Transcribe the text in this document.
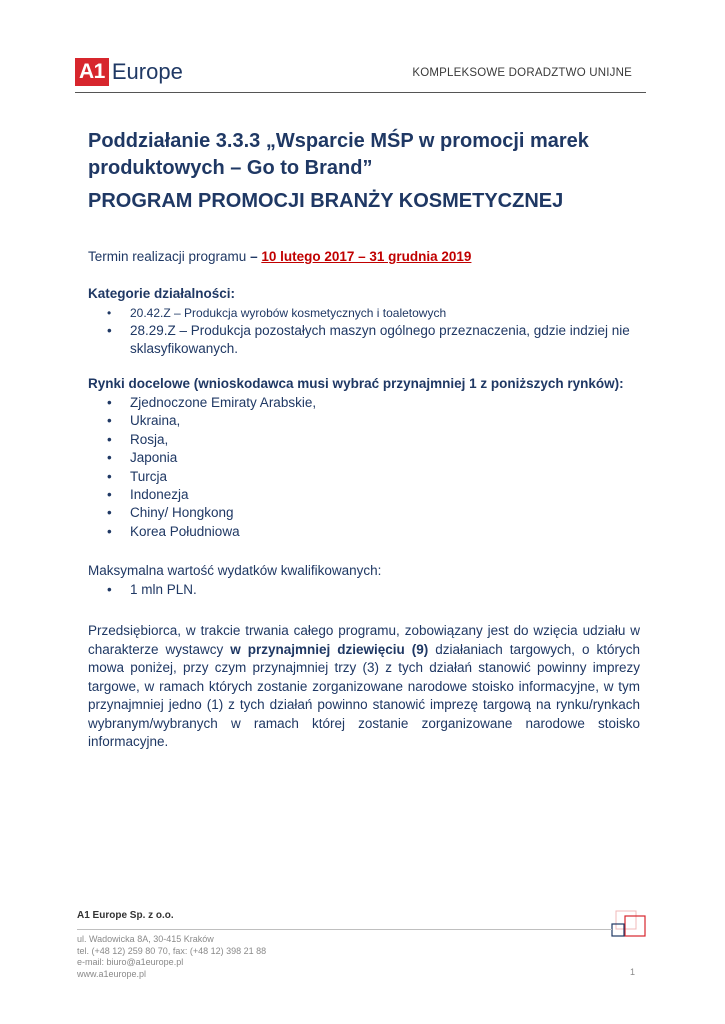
A1 Europe	KOMPLEKSOWE DORADZTWO UNIJNE
Poddziałanie 3.3.3 „Wsparcie MŚP w promocji marek produktowych – Go to Brand”
PROGRAM PROMOCJI BRANŻY KOSMETYCZNEJ
Termin realizacji programu – 10 lutego 2017 – 31 grudnia 2019
Kategorie działalności:
• 20.42.Z – Produkcja wyrobów kosmetycznych i toaletowych
• 28.29.Z – Produkcja pozostałych maszyn ogólnego przeznaczenia, gdzie indziej nie sklasyfikowanych.
Rynki docelowe (wnioskodawca musi wybrać przynajmniej 1 z poniższych rynków):
• Zjednoczone Emiraty Arabskie,
• Ukraina,
• Rosja,
• Japonia
• Turcja
• Indonezja
• Chiny/ Hongkong
• Korea Południowa
Maksymalna wartość wydatków kwalifikowanych:
• 1 mln PLN.
Przedsiębiorca, w trakcie trwania całego programu, zobowiązany jest do wzięcia udziału w charakterze wystawcy w przynajmniej dziewięciu (9) działaniach targowych, o których mowa poniżej, przy czym przynajmniej trzy (3) z tych działań stanowić powinny imprezy targowe, w ramach których zostanie zorganizowane narodowe stoisko informacyjne, w tym przynajmniej jedno (1) z tych działań powinno stanowić imprezę targową na rynku/rynkach wybranym/wybranych w ramach której zostanie zorganizowane narodowe stoisko informacyjne.
A1 Europe Sp. z o.o.
ul. Wadowicka 8A, 30-415 Kraków
tel. (+48 12) 259 80 70, fax: (+48 12) 398 21 88
e-mail: biuro@a1europe.pl
www.a1europe.pl	1
